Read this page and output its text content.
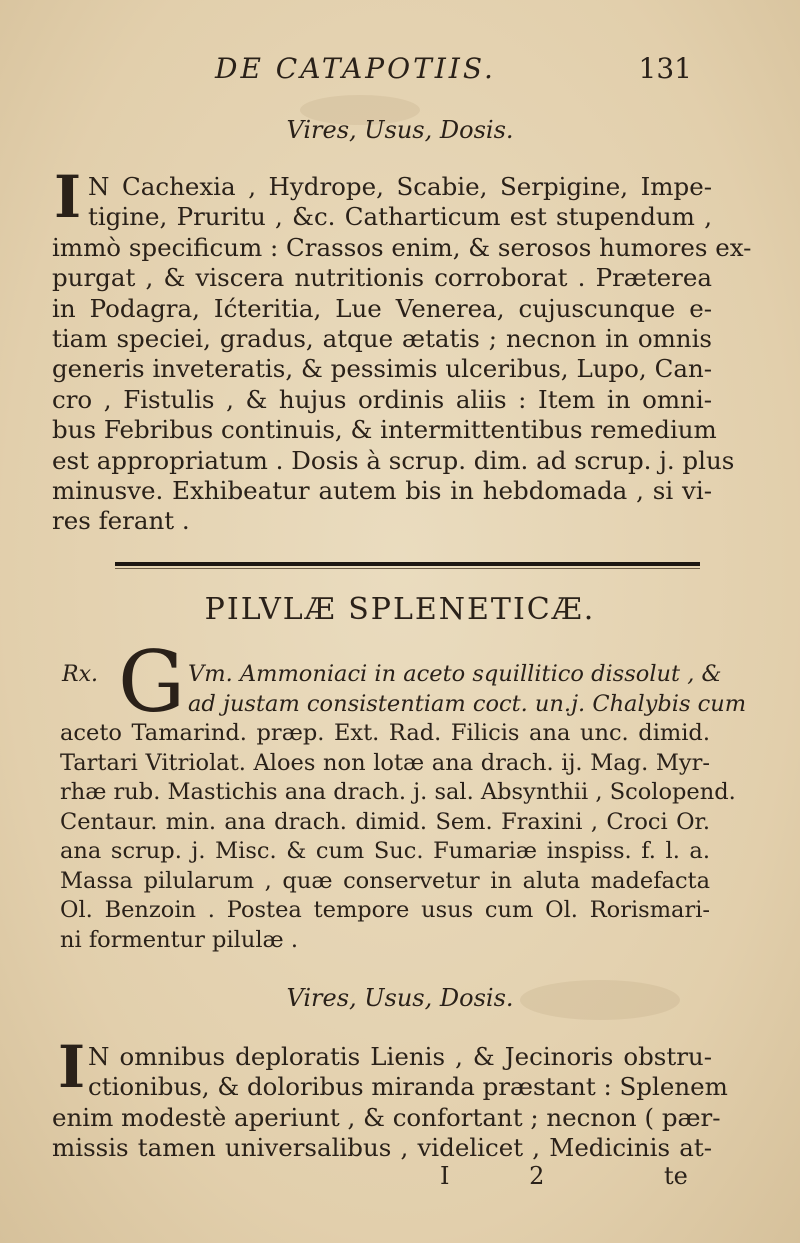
DE CATAPOTIIS.	131
Vires, Usus, Dosis.
I N Cachexia , Hydrope, Scabie, Serpigine, Impe-
tigine, Pruritu , &c. Catharticum est stupendum ,
immò specificum : Crassos enim, & serosos humores ex-
purgat , & viscera nutritionis corroborat . Præterea
in Podagra, Ićteritia, Lue Venerea, cujuscunque e-
tiam speciei, gradus, atque ætatis ; necnon in omnis
generis inveteratis, & pessimis ulceribus, Lupo, Can-
cro , Fistulis , & hujus ordinis aliis : Item in omni-
bus Febribus continuis, & intermittentibus remedium
est appropriatum . Dosis à scrup. dim. ad scrup. j. plus
minusve. Exhibeatur autem bis in hebdomada , si vi-
res ferant .
PILVLÆ SPLENETICÆ.
Rx. G Vm. Ammoniaci in aceto squillitico dissolut , &
ad justam consistentiam coct. un.j. Chalybis cum
aceto Tamarind. præp. Ext. Rad. Filicis ana unc. dimid.
Tartari Vitriolat. Aloes non lotæ ana drach. ij. Mag. Myr-
rhæ rub. Mastichis ana drach. j. sal. Absynthii , Scolopend.
Centaur. min. ana drach. dimid. Sem. Fraxini , Croci Or.
ana scrup. j. Misc. & cum Suc. Fumariæ inspiss. f. l. a.
Massa pilularum , quæ conservetur in aluta madefacta
Ol. Benzoin . Postea tempore usus cum Ol. Rorismari-
ni formentur pilulæ .
Vires, Usus, Dosis.
I N omnibus deploratis Lienis , & Jecinoris obstru-
ctionibus, & doloribus miranda præstant : Splenem
enim modestè aperiunt , & confortant ; necnon ( pær-
missis tamen universalibus , videlicet , Medicinis at-
I 2	te
